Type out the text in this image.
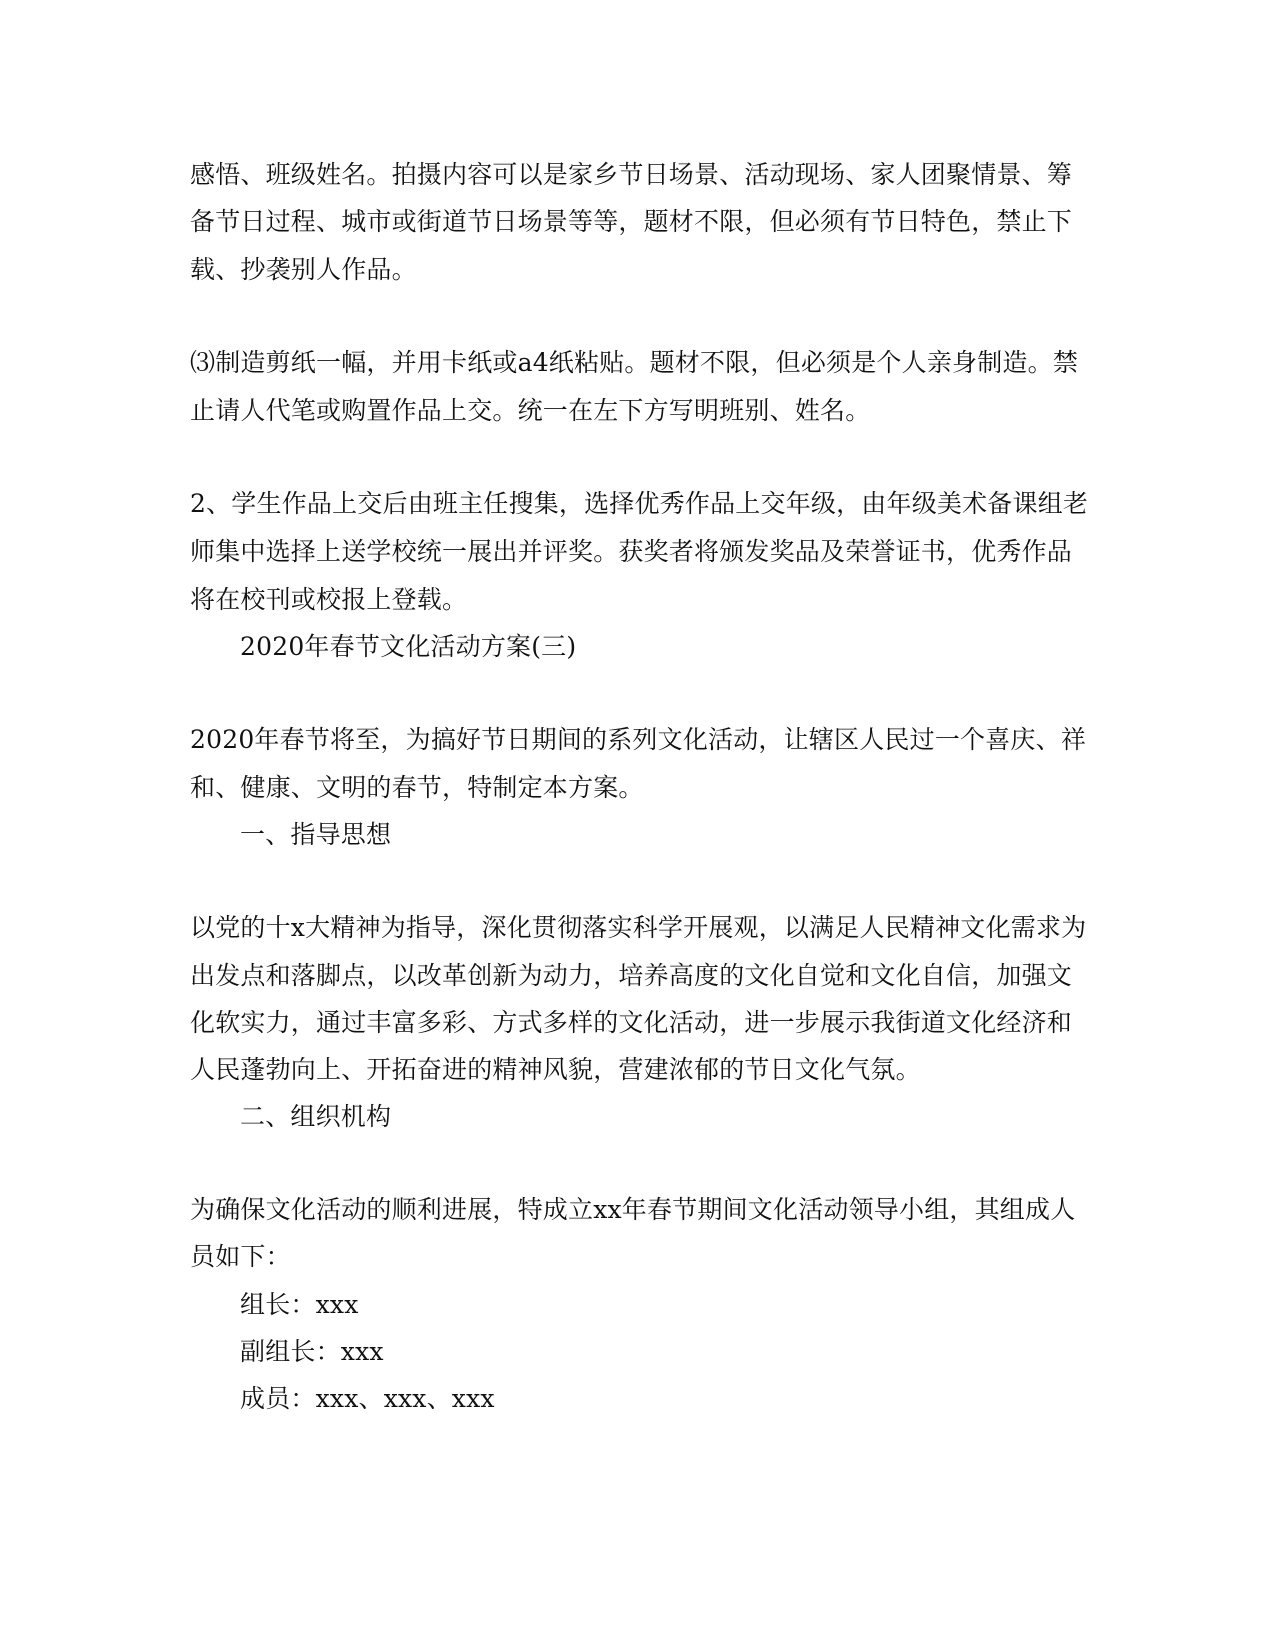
感悟、班级姓名。拍摄内容可以是家乡节日场景、活动现场、家人团聚情景、筹
备节日过程、城市或街道节日场景等等，题材不限，但必须有节日特色，禁止下
载、抄袭别人作品。
⑶制造剪纸一幅，并用卡纸或a4纸粘贴。题材不限，但必须是个人亲身制造。禁
止请人代笔或购置作品上交。统一在左下方写明班别、姓名。
2、学生作品上交后由班主任搜集，选择优秀作品上交年级，由年级美术备课组老
师集中选择上送学校统一展出并评奖。获奖者将颁发奖品及荣誉证书，优秀作品
将在校刊或校报上登载。
2020年春节文化活动方案(三)
2020年春节将至，为搞好节日期间的系列文化活动，让辖区人民过一个喜庆、祥
和、健康、文明的春节，特制定本方案。
一、指导思想
以党的十x大精神为指导，深化贯彻落实科学开展观，以满足人民精神文化需求为
出发点和落脚点，以改革创新为动力，培养高度的文化自觉和文化自信，加强文
化软实力，通过丰富多彩、方式多样的文化活动，进一步展示我街道文化经济和
人民蓬勃向上、开拓奋进的精神风貌，营建浓郁的节日文化气氛。
二、组织机构
为确保文化活动的顺利进展，特成立xx年春节期间文化活动领导小组，其组成人
员如下：
组长：xxx
副组长：xxx
成员：xxx、xxx、xxx
